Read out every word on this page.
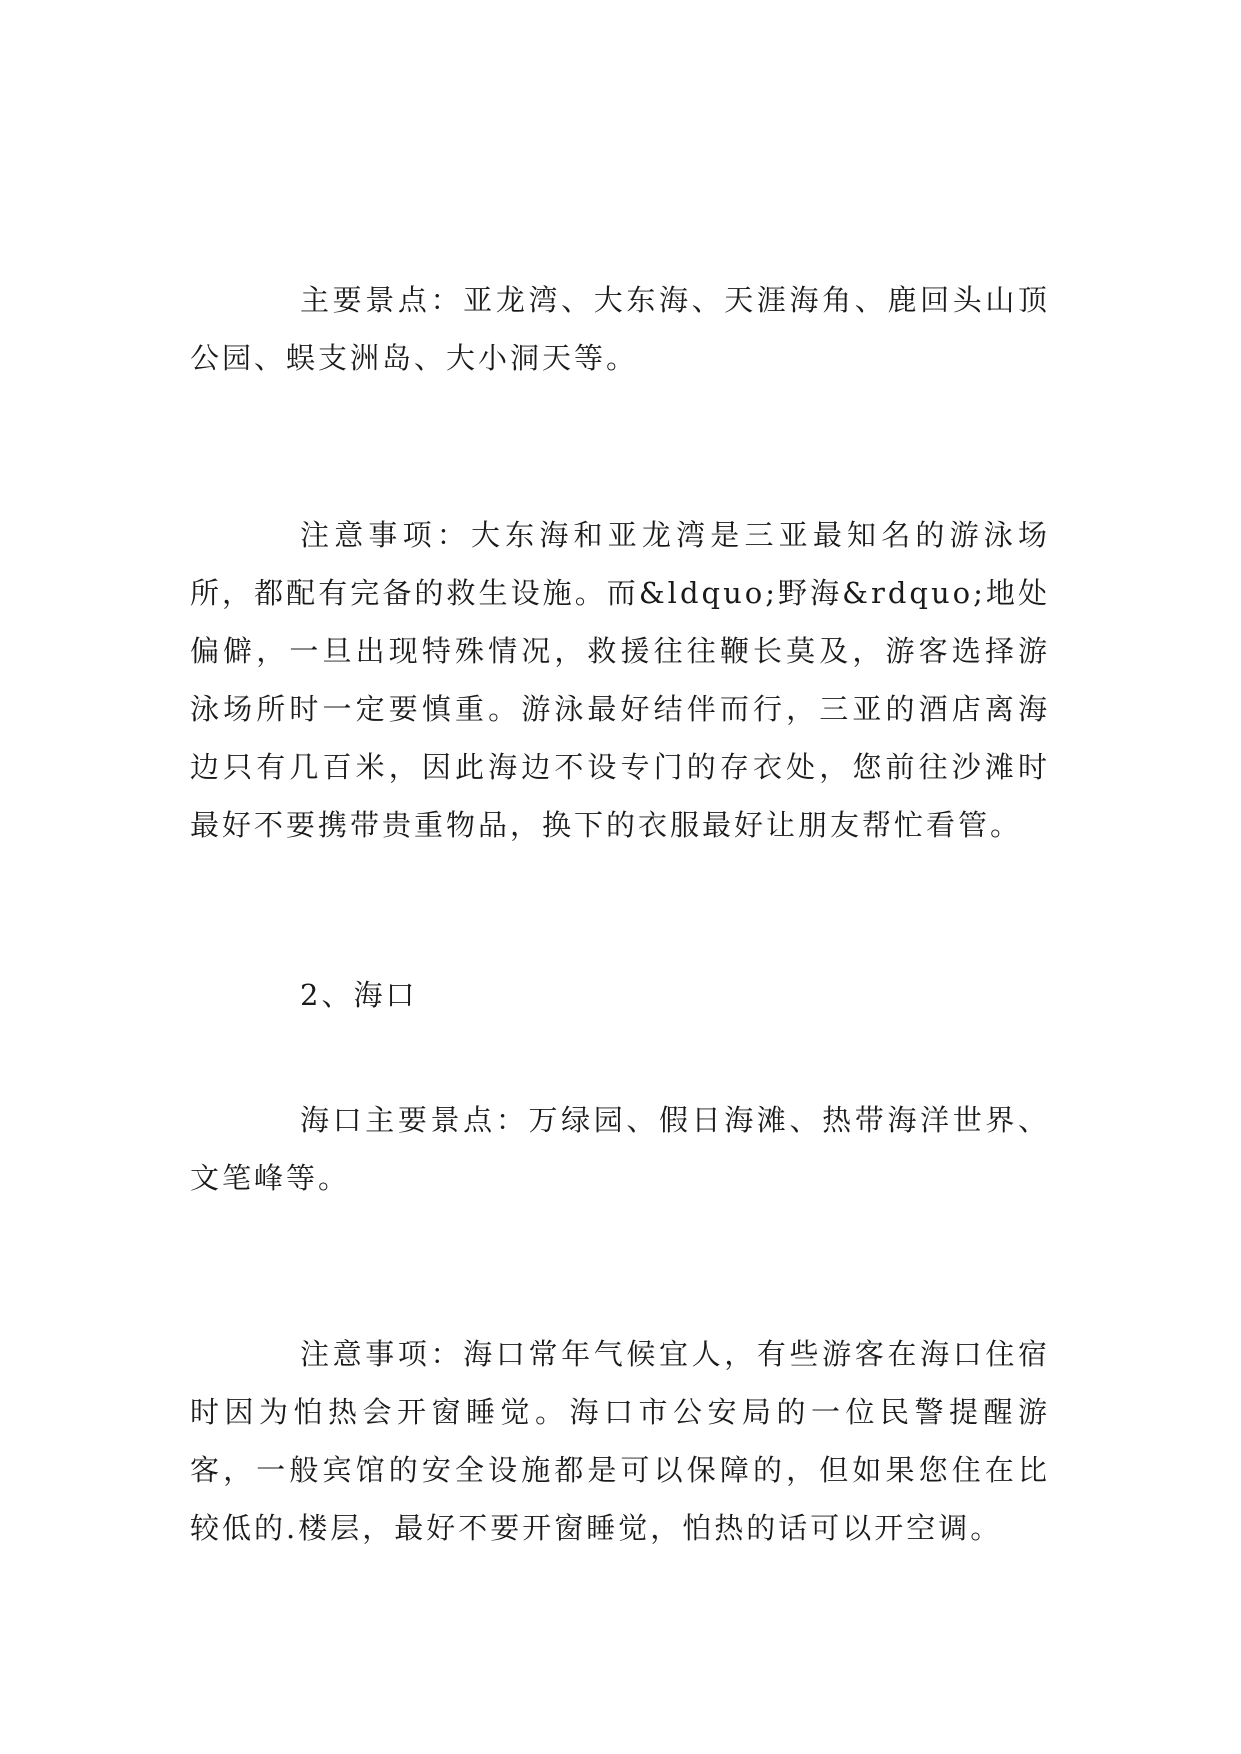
主要景点：亚龙湾、大东海、天涯海角、鹿回头山顶公园、蜈支洲岛、大小洞天等。

注意事项：大东海和亚龙湾是三亚最知名的游泳场所，都配有完备的救生设施。而&ldquo;野海&rdquo;地处偏僻，一旦出现特殊情况，救援往往鞭长莫及，游客选择游泳场所时一定要慎重。游泳最好结伴而行，三亚的酒店离海边只有几百米，因此海边不设专门的存衣处，您前往沙滩时最好不要携带贵重物品，换下的衣服最好让朋友帮忙看管。

2、海口

海口主要景点：万绿园、假日海滩、热带海洋世界、文笔峰等。

注意事项：海口常年气候宜人，有些游客在海口住宿时因为怕热会开窗睡觉。海口市公安局的一位民警提醒游客，一般宾馆的安全设施都是可以保障的，但如果您住在比较低的.楼层，最好不要开窗睡觉，怕热的话可以开空调。
